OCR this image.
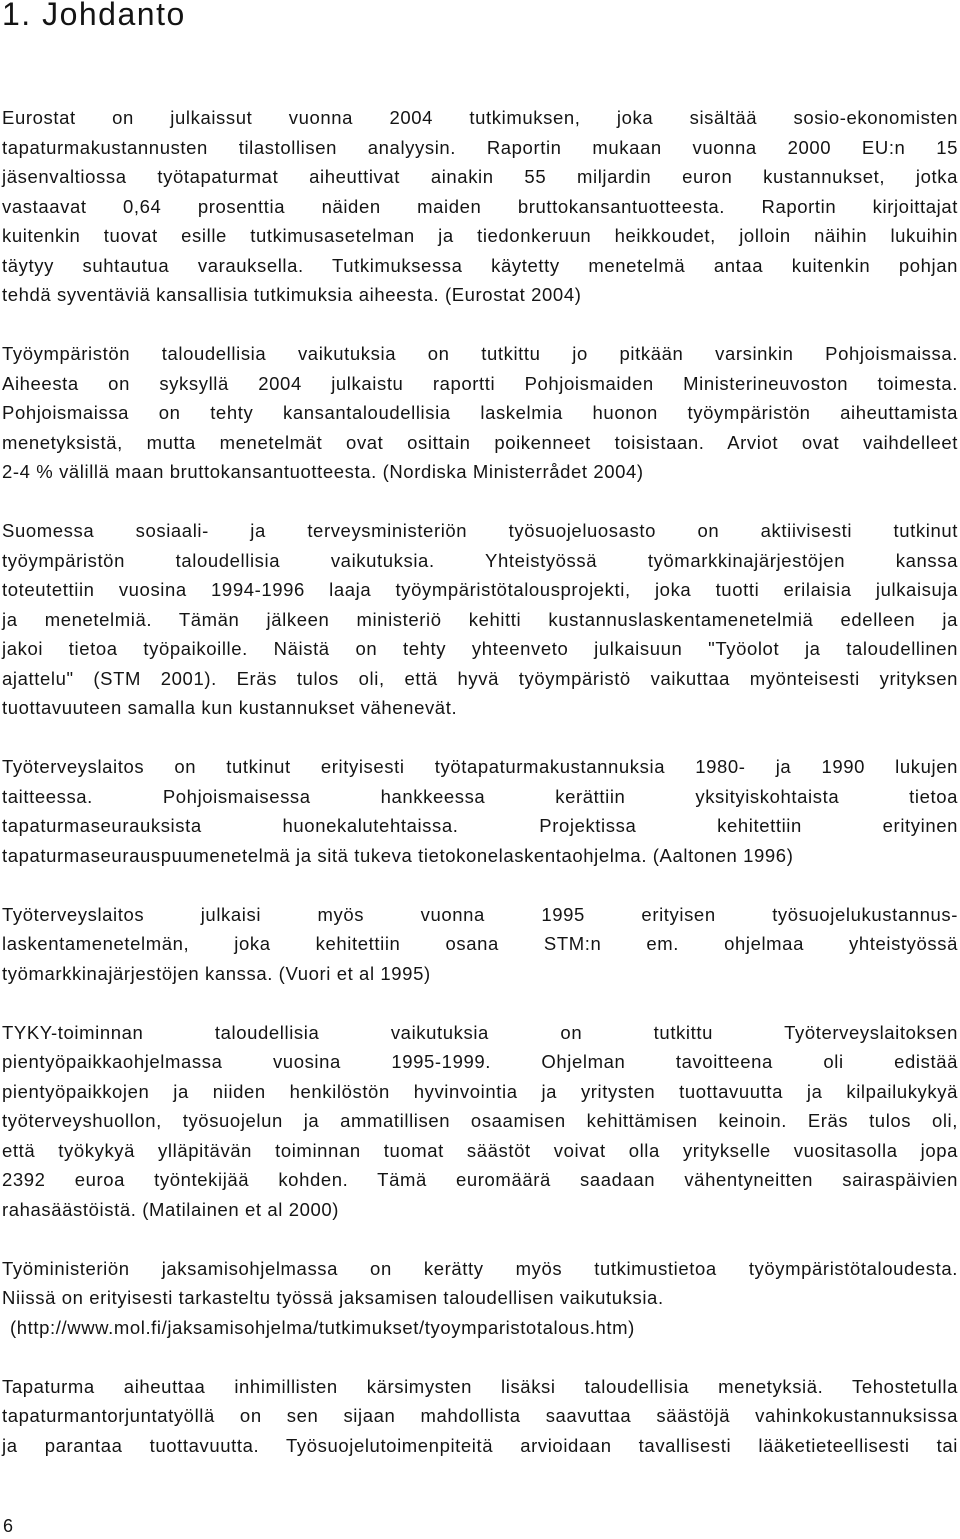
1. Johdanto
Eurostat on julkaissut vuonna 2004 tutkimuksen, joka sisältää sosio-ekonomisten
tapaturmakustannusten tilastollisen analyysin. Raportin mukaan vuonna 2000 EU:n 15
jäsenvaltiossa työtapaturmat aiheuttivat ainakin 55 miljardin euron kustannukset, jotka
vastaavat 0,64 prosenttia näiden maiden bruttokansantuotteesta. Raportin kirjoittajat
kuitenkin tuovat esille tutkimusasetelman ja tiedonkeruun heikkoudet, jolloin näihin lukuihin
täytyy suhtautua varauksella. Tutkimuksessa käytetty menetelmä antaa kuitenkin pohjan
tehdä syventäviä kansallisia tutkimuksia aiheesta. (Eurostat 2004)
Työympäristön taloudellisia vaikutuksia on tutkittu jo pitkään varsinkin Pohjoismaissa.
Aiheesta on syksyllä 2004 julkaistu raportti Pohjoismaiden Ministerineuvoston toimesta.
Pohjoismaissa on tehty kansantaloudellisia laskelmia huonon työympäristön aiheuttamista
menetyksistä, mutta menetelmät ovat osittain poikenneet toisistaan. Arviot ovat vaihdelleet
2-4 % välillä maan bruttokansantuotteesta. (Nordiska Ministerrådet 2004)
Suomessa sosiaali- ja terveysministeriön työsuojeluosasto on aktiivisesti tutkinut
työympäristön taloudellisia vaikutuksia. Yhteistyössä työmarkkinajärjestöjen kanssa
toteutettiin vuosina 1994-1996 laaja työympäristötalousprojekti, joka tuotti erilaisia julkaisuja
ja menetelmiä. Tämän jälkeen ministeriö kehitti kustannuslaskentamenetelmiä edelleen ja
jakoi tietoa työpaikoille. Näistä on tehty yhteenveto julkaisuun "Työolot ja taloudellinen
ajattelu" (STM 2001). Eräs tulos oli, että hyvä työympäristö vaikuttaa myönteisesti yrityksen
tuottavuuteen samalla kun kustannukset vähenevät.
Työterveyslaitos on tutkinut erityisesti työtapaturmakustannuksia 1980- ja 1990 lukujen
taitteessa. Pohjoismaisessa hankkeessa kerättiin yksityiskohtaista tietoa
tapaturmaseurauksista huonekalutehtaissa. Projektissa kehitettiin erityinen
tapaturmaseurauspuumenetelmä ja sitä tukeva tietokonelaskentaohjelma. (Aaltonen 1996)
Työterveyslaitos julkaisi myös vuonna 1995 erityisen työsuojelukustannus-
laskentamenetelmän, joka kehitettiin osana STM:n em. ohjelmaa yhteistyössä
työmarkkinajärjestöjen kanssa. (Vuori et al 1995)
TYKY-toiminnan taloudellisia vaikutuksia on tutkittu Työterveyslaitoksen
pientyöpaikkaohjelmassa vuosina 1995-1999. Ohjelman tavoitteena oli edistää
pientyöpaikkojen ja niiden henkilöstön hyvinvointia ja yritysten tuottavuutta ja kilpailukykyä
työterveyshuollon, työsuojelun ja ammatillisen osaamisen kehittämisen keinoin. Eräs tulos oli,
että työkykyä ylläpitävän toiminnan tuomat säästöt voivat olla yritykselle vuositasolla jopa
2392 euroa työntekijää kohden. Tämä euromäärä saadaan vähentyneitten sairaspäivien
rahasäästöistä. (Matilainen et al 2000)
Työministeriön jaksamisohjelmassa on kerätty myös tutkimustietoa työympäristötaloudesta.
Niissä on erityisesti tarkasteltu työssä jaksamisen taloudellisen vaikutuksia.
(http://www.mol.fi/jaksamisohjelma/tutkimukset/tyoymparistotalous.htm)
Tapaturma aiheuttaa inhimillisten kärsimysten lisäksi taloudellisia menetyksiä. Tehostetulla
tapaturmantorjuntatyöllä on sen sijaan mahdollista saavuttaa säästöjä vahinkokustannuksissa
ja parantaa tuottavuutta. Työsuojelutoimenpiteitä arvioidaan tavallisesti lääketieteellisesti tai
6
